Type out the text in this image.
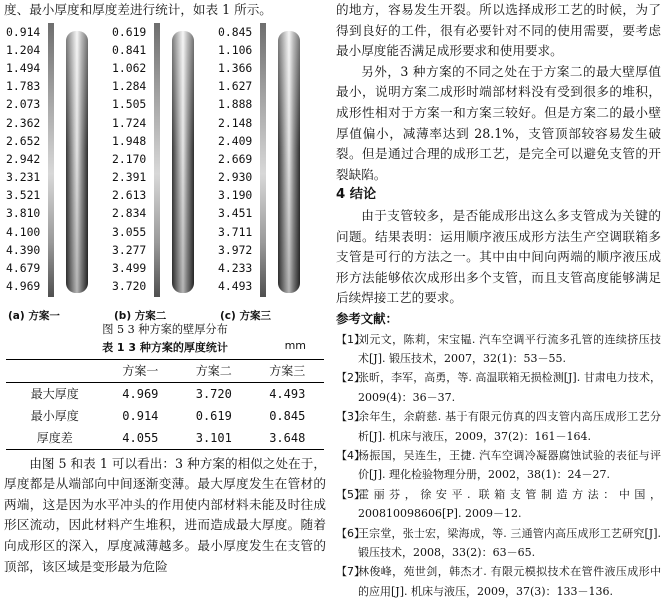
度、最小厚度和厚度差进行统计，如表 1 所示。

0.914
1.204
1.494
1.783
2.073
2.362
2.652
2.942
3.231
3.521
3.810
4.100
4.390
4.679
4.969
(a) 方案一
0.619
0.841
1.062
1.284
1.505
1.724
1.948
2.170
2.391
2.613
2.834
3.055
3.277
3.499
3.720
(b) 方案二
0.845
1.106
1.366
1.627
1.888
2.148
2.409
2.669
2.930
3.190
3.451
3.711
3.972
4.233
4.493
(c) 方案三

图 5 3 种方案的壁厚分布

表 1 3 种方案的厚度统计	mm
	方案一	方案二	方案三
最大厚度	4.969	3.720	4.493
最小厚度	0.914	0.619	0.845
厚度差	4.055	3.101	3.648

由图 5 和表 1 可以看出：3 种方案的相似之处在于，厚度都是从端部向中间逐渐变薄。最大厚度发生在管材的两端，这是因为水平冲头的作用使内部材料未能及时往成形区流动，因此材料产生堆积，进而造成最大厚度。随着向成形区的深入，厚度减薄越多。最小厚度发生在支管的顶部，该区域是变形最为危险

的地方，容易发生开裂。所以选择成形工艺的时候，为了得到良好的工件，很有必要针对不同的使用需要，要考虑最小厚度能否满足成形要求和使用要求。

另外，3 种方案的不同之处在于方案二的最大壁厚值最小，说明方案二成形时端部材料没有受到很多的堆积，成形性相对于方案一和方案三较好。但是方案二的最小壁厚值偏小，减薄率达到 28.1%，支管顶部较容易发生破裂。但是通过合理的成形工艺，是完全可以避免支管的开裂缺陷。

4 结论

由于支管较多，是否能成形出这么多支管成为关键的问题。结果表明：运用顺序液压成形方法生产空调联箱多支管是可行的方法之一。其中由中间向两端的顺序液压成形方法能够依次成形出多个支管，而且支管高度能够满足后续焊接工艺的要求。

参考文献：
【1】
刘元文，陈莉，宋宝韫. 汽车空调平行流多孔管的连续挤压技术[J]. 锻压技术，2007，32(1)：53－55.
【2】
张昕，李军，高勇，等. 高温联箱无损检测[J]. 甘肃电力技术，2009(4)：36－37.
【3】
余年生，余蔚慈. 基于有限元仿真的四支管内高压成形工艺分析[J]. 机床与液压，2009，37(2)：161－164.
【4】
杨振国，吴连生，王捷. 汽车空调冷凝器腐蚀试验的表征与评价[J]. 理化检验物理分册，2002，38(1)：24－27.
【5】
霍丽芬，徐安平. 联箱支管制造方法：中国，200810098606[P]. 2009－12.
【6】
王宗堂，张士宏，梁海成，等. 三通管内高压成形工艺研究[J]. 锻压技术，2008，33(2)：63－65.
【7】
林俊峰，苑世剑，韩杰才. 有限元模拟技术在管件液压成形中的应用[J]. 机床与液压，2009，37(3)：133－136.
